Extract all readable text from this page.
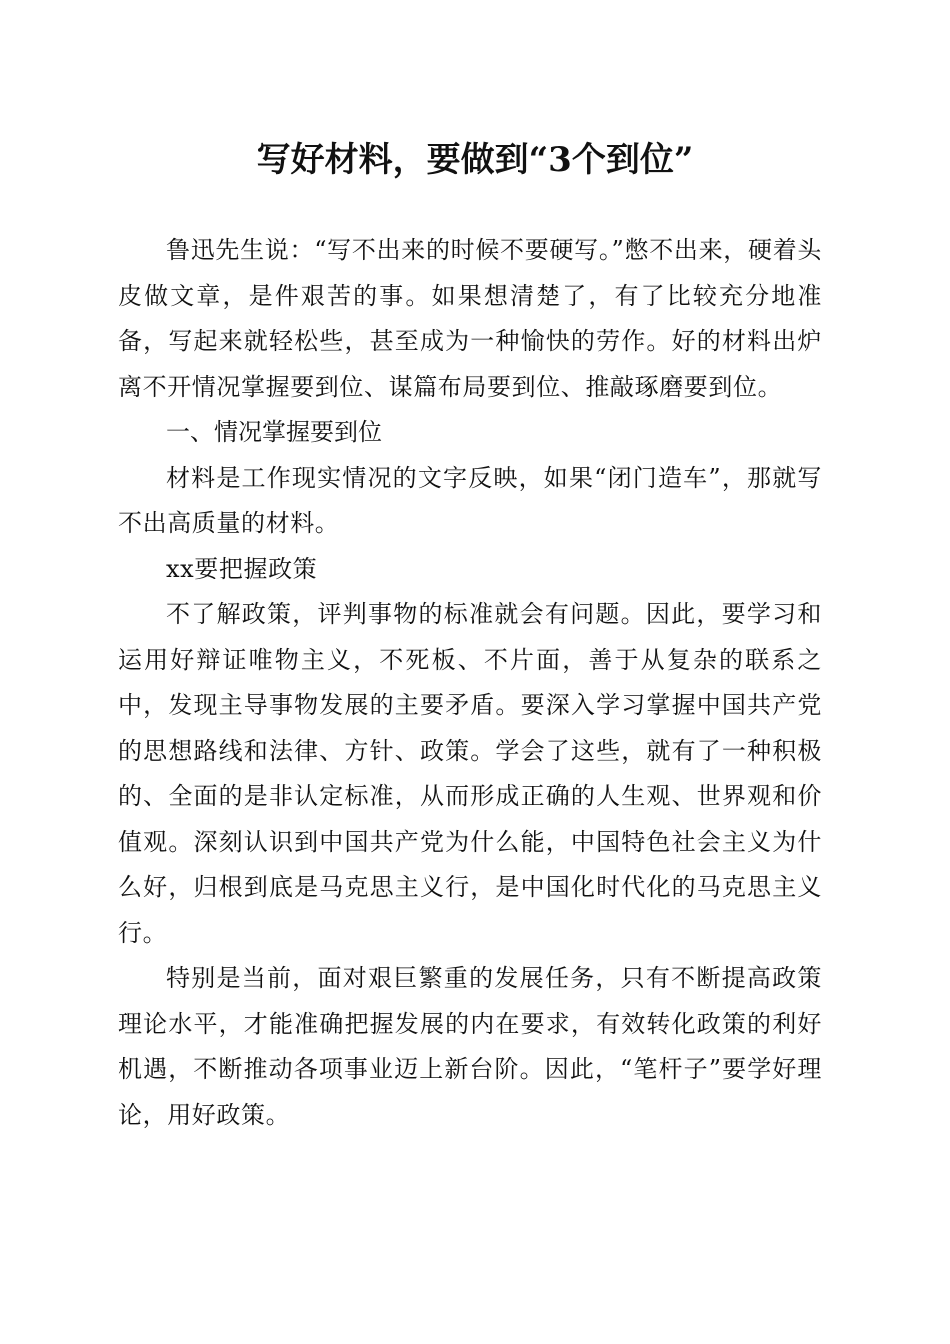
写好材料，要做到“3个到位”

鲁迅先生说：“写不出来的时候不要硬写。”憋不出来，硬着头皮做文章，是件艰苦的事。如果想清楚了，有了比较充分地准备，写起来就轻松些，甚至成为一种愉快的劳作。好的材料出炉离不开情况掌握要到位、谋篇布局要到位、推敲琢磨要到位。

一、情况掌握要到位

材料是工作现实情况的文字反映，如果“闭门造车”，那就写不出高质量的材料。

xx要把握政策

不了解政策，评判事物的标准就会有问题。因此，要学习和运用好辩证唯物主义，不死板、不片面，善于从复杂的联系之中，发现主导事物发展的主要矛盾。要深入学习掌握中国共产党的思想路线和法律、方针、政策。学会了这些，就有了一种积极的、全面的是非认定标准，从而形成正确的人生观、世界观和价值观。深刻认识到中国共产党为什么能，中国特色社会主义为什么好，归根到底是马克思主义行，是中国化时代化的马克思主义行。

特别是当前，面对艰巨繁重的发展任务，只有不断提高政策理论水平，才能准确把握发展的内在要求，有效转化政策的利好机遇，不断推动各项事业迈上新台阶。因此，“笔杆子”要学好理论，用好政策。
